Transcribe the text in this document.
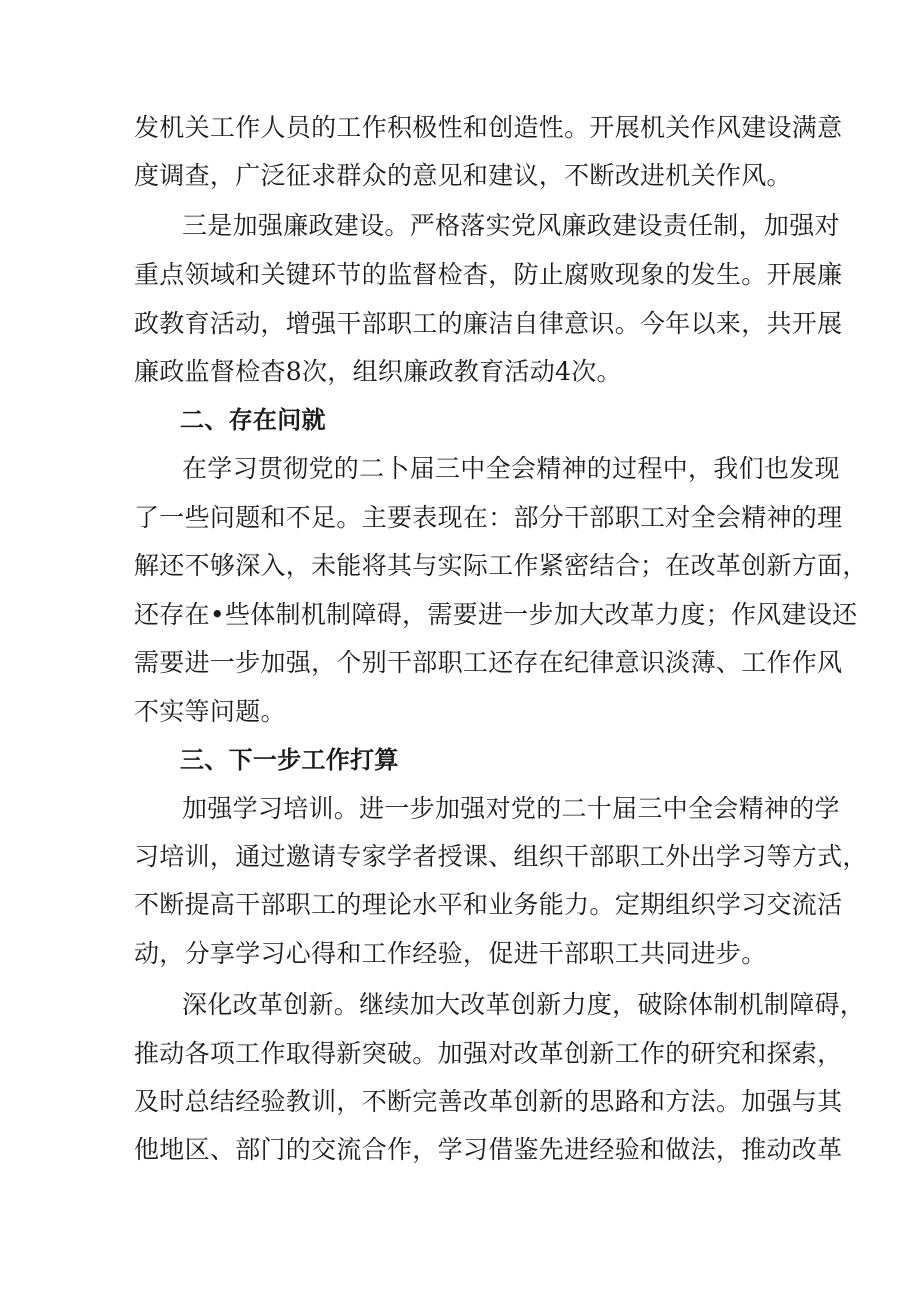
发机关工作人员的工作积极性和创造性。开展机关作风建设满意
度调查，广泛征求群众的意见和建议，不断改进机关作风。
三是加强廉政建设。严格落实党风廉政建设责任制，加强对
重点领域和关键环节的监督检杳，防止腐败现象的发生。开展廉
政教育活动，增强干部职工的廉洁自律意识。今年以来，共开展
廉政监督检杳8次，组织廉政教育活动4次。
二、存在问就
在学习贯彻党的二卜届三中全会精神的过程中，我们也发现
了一些问题和不足。主要表现在：部分干部职工对全会精神的理
解还不够深入，未能将其与实际工作紧密结合；在改革创新方面，
还存在•些体制机制障碍，需要进一步加大改革力度；作风建设还
需要进一步加强，个别干部职工还存在纪律意识淡薄、工作作风
不实等问题。
三、下一步工作打算
加强学习培训。进一步加强对党的二十届三中全会精神的学
习培训，通过邀请专家学者授课、组织干部职工外出学习等方式，
不断提高干部职工的理论水平和业务能力。定期组织学习交流活
动，分享学习心得和工作经验，促进干部职工共同进步。
深化改革创新。继续加大改革创新力度，破除体制机制障碍，
推动各项工作取得新突破。加强对改革创新工作的研究和探索，
及时总结经验教训，不断完善改革创新的思路和方法。加强与其
他地区、部门的交流合作，学习借鉴先进经验和做法，推动改革
